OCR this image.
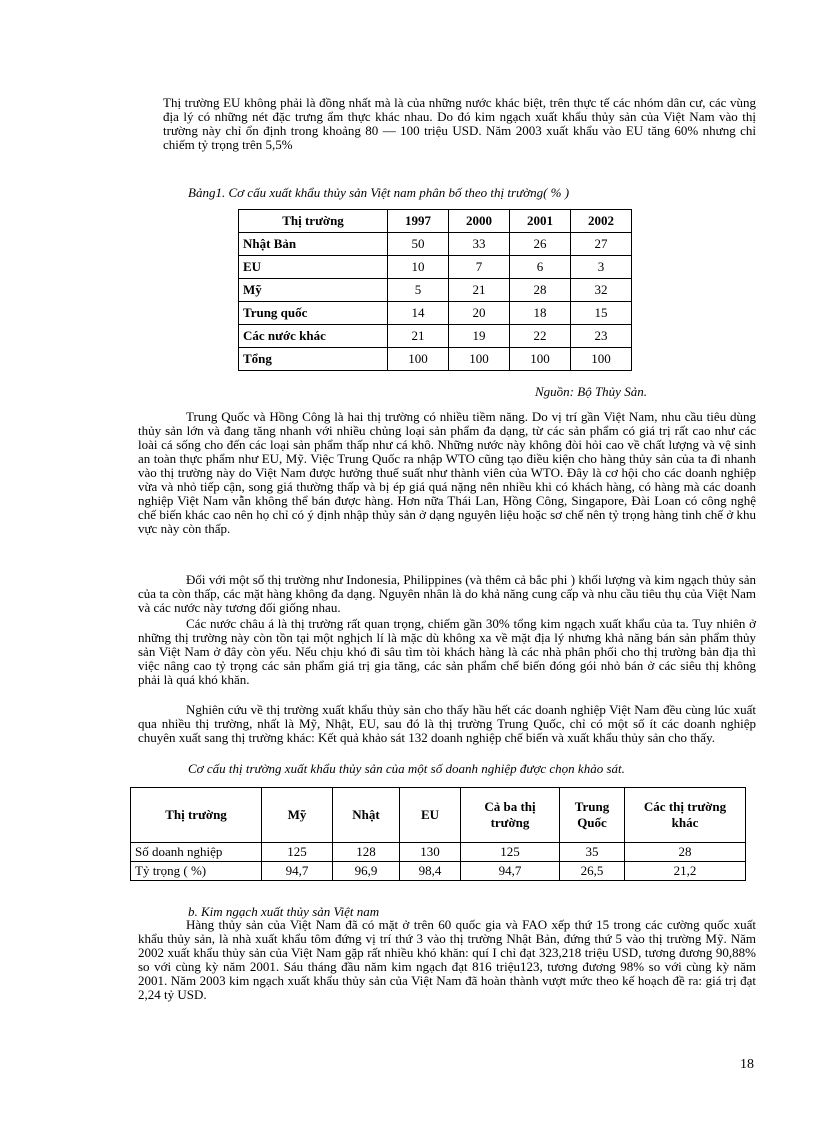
Thị trường EU không phải là đồng nhất mà là của những nước khác biệt, trên thực tế các nhóm dân cư, các vùng địa lý có những nét đặc trưng ẩm thực khác nhau. Do đó kim ngạch xuất khẩu thủy sản của Việt Nam vào thị trường này chỉ ổn định trong khoảng 80 — 100 triệu USD. Năm 2003 xuất khẩu vào EU tăng 60% nhưng chỉ chiếm tỷ trọng trên 5,5%

Bảng1. Cơ cấu xuất khẩu thủy sản Việt nam phân bố theo thị trường( % )
Thị trường	1997	2000	2001	2002
Nhật Bản	50	33	26	27
EU	10	7	6	3
Mỹ	5	21	28	32
Trung quốc	14	20	18	15
Các nước khác	21	19	22	23
Tổng	100	100	100	100
Nguồn: Bộ Thủy Sản.

Trung Quốc và Hồng Công là hai thị trường có nhiều tiềm năng. Do vị trí gần Việt Nam, nhu cầu tiêu dùng thủy sản lớn và đang tăng nhanh với nhiều chủng loại sản phẩm đa dạng, từ các sản phẩm có giá trị rất cao như các loài cá sống cho đến các loại sản phẩm thấp như cá khô. Những nước này không đòi hỏi cao về chất lượng và vệ sinh an toàn thực phẩm như EU, Mỹ. Việc Trung Quốc ra nhập WTO cũng tạo điều kiện cho hàng thủy sản của ta đi nhanh vào thị trường này do Việt Nam được hưởng thuế suất như thành viên của WTO. Đây là cơ hội cho các doanh nghiệp vừa và nhỏ tiếp cận, song giá thường thấp và bị ép giá quá nặng nên nhiều khi có khách hàng, có hàng mà các doanh nghiệp Việt Nam vẫn không thể bán được hàng. Hơn nữa Thái Lan, Hồng Công, Singapore, Đài Loan có công nghệ chế biến khác cao nên họ chỉ có ý định nhập thủy sản ở dạng nguyên liệu hoặc sơ chế nên tỷ trọng hàng tinh chế ở khu vực này còn thấp.

Đối với một số thị trường như Indonesia, Philippines (và thêm cả bắc phi ) khối lượng và kim ngạch thủy sản của ta còn thấp, các mặt hàng không đa dạng. Nguyên nhân là do khả năng cung cấp và nhu cầu tiêu thụ của Việt Nam và các nước này tương đối giống nhau.

Các nước châu á là thị trường rất quan trọng, chiếm gần 30% tổng kim ngạch xuất khẩu của ta. Tuy nhiên ở những thị trường này còn tồn tại một nghịch lí là mặc dù không xa về mặt địa lý nhưng khả năng bán sản phẩm thủy sản Việt Nam ở đây còn yếu. Nếu chịu khó đi sâu tìm tòi khách hàng là các nhà phân phối cho thị trường bản địa thì việc nâng cao tỷ trọng các sản phẩm giá trị gia tăng, các sản phẩm chế biến đóng gói nhỏ bán ở các siêu thị không phải là quá khó khăn.

Nghiên cứu về thị trường xuất khẩu thủy sản cho thấy hầu hết các doanh nghiệp Việt Nam đều cùng lúc xuất qua nhiều thị trường, nhất là Mỹ, Nhật, EU, sau đó là thị trường Trung Quốc, chỉ có một số ít các doanh nghiệp chuyên xuất sang thị trường khác: Kết quả khảo sát 132 doanh nghiệp chế biến và xuất khẩu thủy sản cho thấy.

Cơ cấu thị trường xuất khẩu thủy sản của một số doanh nghiệp được chọn khảo sát.
Thị trường	Mỹ	Nhật	EU	Cả ba thị trường	Trung Quốc	Các thị trường khác
Số doanh nghiệp	125	128	130	125	35	28
Tỷ trọng ( %)	94,7	96,9	98,4	94,7	26,5	21,2
b. Kim ngạch xuất thủy sản Việt nam

Hàng thủy sản của Việt Nam đã có mặt ở trên 60 quốc gia và FAO xếp thứ 15 trong các cường quốc xuất khẩu thủy sản, là nhà xuất khẩu tôm đứng vị trí thứ 3 vào thị trường Nhật Bản, đứng thứ 5 vào thị trường Mỹ. Năm 2002 xuất khẩu thủy sản của Việt Nam gặp rất nhiều khó khăn: quí I chỉ đạt 323,218 triệu USD, tương đương 90,88% so với cùng kỳ năm 2001. Sáu tháng đầu năm kim ngạch đạt 816 triệu123, tương đương 98% so với cùng kỳ năm 2001. Năm 2003 kim ngạch xuất khẩu thủy sản của Việt Nam đã hoàn thành vượt mức theo kế hoạch đề ra: giá trị đạt 2,24 tỷ USD.

18
